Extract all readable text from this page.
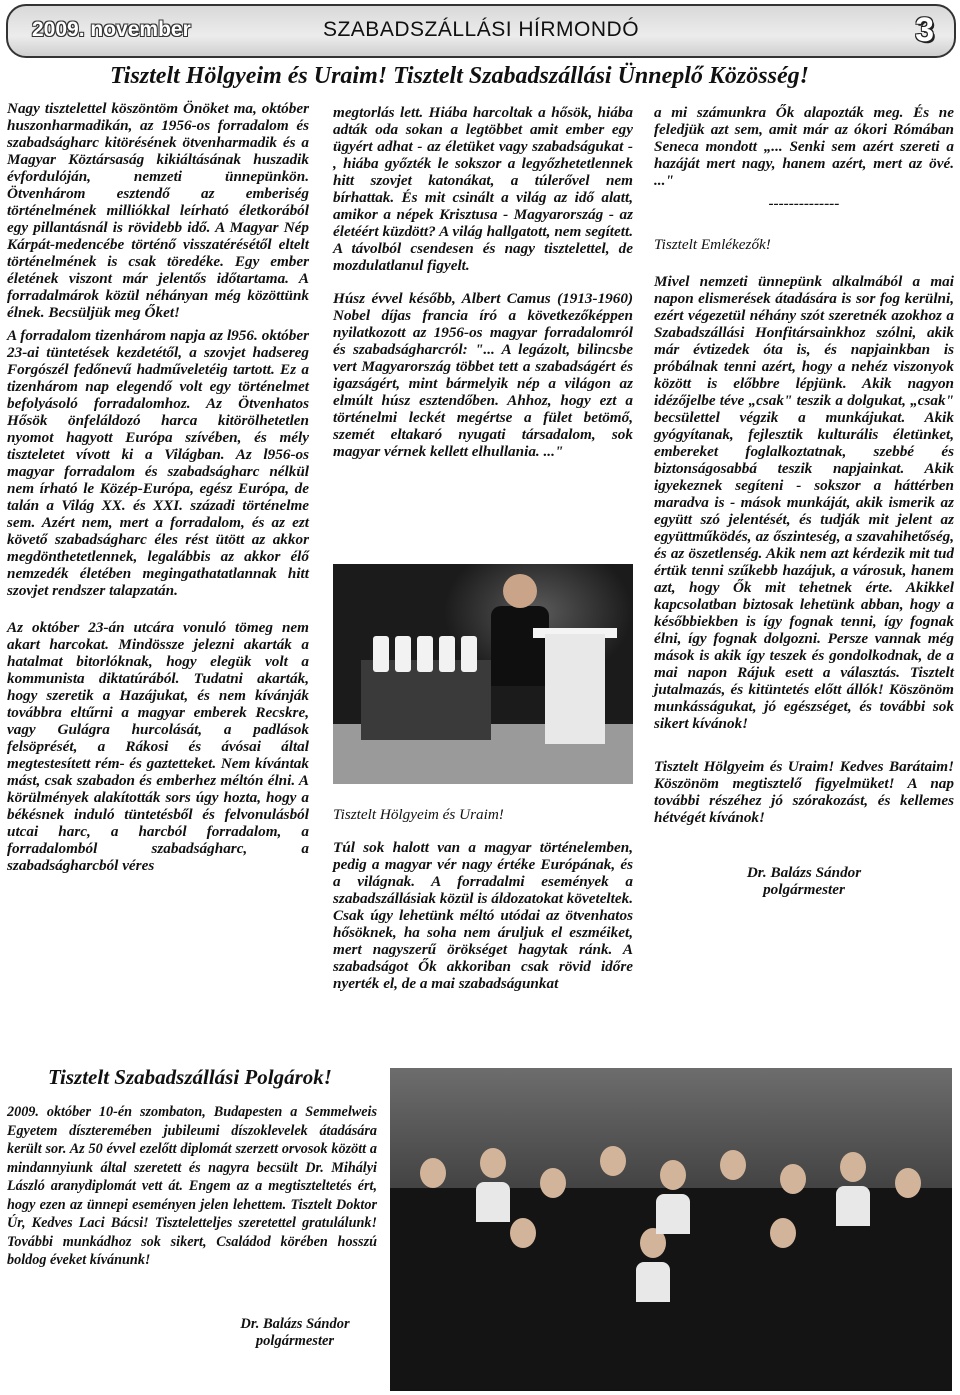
2009. november	SZABADSZÁLLÁSI HÍRMONDÓ	3
Tisztelt Hölgyeim és Uraim! Tisztelt Szabadszállási Ünneplő Közösség!

Nagy tisztelettel köszöntöm Önöket ma, október huszonharmadikán, az 1956-os forradalom és szabadságharc kitörésének ötvenharmadik és a Magyar Köztársaság kikiáltásának huszadik évfordulóján, nemzeti ünnepünkön. Ötvenhárom esztendő az emberiség történelmének milliókkal leírható életkorából egy pillantásnál is rövidebb idő. A Magyar Nép Kárpát-medencébe történő visszatérésétől eltelt történelmének is csak töredéke. Egy ember életének viszont már jelentős időtartama. A forradalmárok közül néhányan még közöttünk élnek. Becsüljük meg Őket!

A forradalom tizenhárom napja az l956. október 23-ai tüntetések kezdetétől, a szovjet hadsereg Forgószél fedőnevű hadműveletéig tartott. Ez a tizenhárom nap elegendő volt egy történelmet befolyásoló forradalomhoz. Az Ötvenhatos Hősök önfeláldozó harca kitörölhetetlen nyomot hagyott Európa szívében, és mély tiszteletet vívott ki a Világban. Az l956-os magyar forradalom és szabadságharc nélkül nem írható le Közép-Európa, egész Európa, de talán a Világ XX. és XXI. századi történelme sem. Azért nem, mert a forradalom, és az ezt követő szabadságharc éles rést ütött az akkor megdönthetetlennek, legalábbis az akkor élő nemzedék életében megingathatatlannak hitt szovjet rendszer talapzatán.

Az október 23-án utcára vonuló tömeg nem akart harcokat. Mindössze jelezni akarták a hatalmat bitorlóknak, hogy elegük volt a kommunista diktatúrából. Tudatni akarták, hogy szeretik a Hazájukat, és nem kívánják továbbra eltűrni a magyar emberek Recskre, vagy Gulágra hurcolását, a padlások felsöprését, a Rákosi és ávósai által megtestesített rém- és gaztetteket. Nem kívántak mást, csak szabadon és emberhez méltón élni. A körülmények alakították sors úgy hozta, hogy a békésnek induló tüntetésből és felvonulásból utcai harc, a harcból forradalom, a forradalomból szabadságharc, a szabadságharcból véres

megtorlás lett. Hiába harcoltak a hősök, hiába adták oda sokan a legtöbbet amit ember egy ügyért adhat - az életüket vagy szabadságukat - , hiába győzték le sokszor a legyőzhetetlennek hitt szovjet katonákat, a túlerővel nem bírhattak. És mit csinált a világ az idő alatt, amikor a népek Krisztusa - Magyarország - az életéért küzdött? A világ hallgatott, nem segített. A távolból csendesen és nagy tisztelettel, de mozdulatlanul figyelt.

Húsz évvel később, Albert Camus (1913-1960) Nobel díjas francia író a következőképpen nyilatkozott az 1956-os magyar forradalomról és szabadságharcról: "... A legázolt, bilincsbe vert Magyarország többet tett a szabadságért és igazságért, mint bármelyik nép a világon az elmúlt húsz esztendőben. Ahhoz, hogy ezt a történelmi leckét megértse a fület betömő, szemét eltakaró nyugati társadalom, sok magyar vérnek kellett elhullania. ..."

Tisztelt Hölgyeim és Uraim!

Túl sok halott van a magyar történelemben, pedig a magyar vér nagy értéke Európának, és a világnak. A forradalmi események a szabadszállásiak közül is áldozatokat követeltek. Csak úgy lehetünk méltó utódai az ötvenhatos hősöknek, ha soha nem áruljuk el eszméiket, mert nagyszerű örökséget hagytak ránk. A szabadságot Ők akkoriban csak rövid időre nyerték el, de a mai szabadságunkat

a mi számunkra Ők alapozták meg. És ne feledjük azt sem, amit már az ókori Rómában Seneca mondott „... Senki sem azért szereti a hazáját mert nagy, hanem azért, mert az övé. ..."

--------------

Tisztelt Emlékezők!

Mivel nemzeti ünnepünk alkalmából a mai napon elismerések átadására is sor fog kerülni, ezért végezetül néhány szót szeretnék azokhoz a Szabadszállási Honfitársainkhoz szólni, akik már évtizedek óta is, és napjainkban is próbálnak tenni azért, hogy a nehéz viszonyok között is előbbre lépjünk. Akik nagyon idézőjelbe téve „csak" teszik a dolgukat, „csak" becsülettel végzik a munkájukat. Akik gyógyítanak, fejlesztik kulturális életünket, embereket foglalkoztatnak, szebbé és biztonságosabbá teszik napjainkat. Akik igyekeznek segíteni - sokszor a háttérben maradva is - mások munkáját, akik ismerik az együtt szó jelentését, és tudják mit jelent az együttműködés, az őszinteség, a szavahihetőség, és az öszetlenség. Akik nem azt kérdezik mit tud értük tenni szűkebb hazájuk, a városuk, hanem azt, hogy Ők mit tehetnek érte. Akikkel kapcsolatban biztosak lehetünk abban, hogy a későbbiekben is így fognak tenni, így fognak élni, így fognak dolgozni. Persze vannak még mások is akik így teszek és gondolkodnak, de a mai napon Rájuk esett a választás. Tisztelt jutalmazás, és kitüntetés előtt állók! Köszönöm munkásságukat, jó egészséget, és további sok sikert kívánok!

Tisztelt Hölgyeim és Uraim! Kedves Barátaim! Köszönöm megtisztelő figyelmüket! A nap további részéhez jó szórakozást, és kellemes hétvégét kívánok!

Dr. Balázs Sándor
polgármester
Tisztelt Szabadszállási Polgárok!
2009. október 10-én szombaton, Budapesten a Semmelweis Egyetem díszteremében jubileumi díszoklevelek átadására került sor. Az 50 évvel ezelőtt diplomát szerzett orvosok között a mindannyiunk által szeretett és nagyra becsült Dr. Mihályi László aranydiplomát vett át. Engem az a megtiszteltetés ért, hogy ezen az ünnepi eseményen jelen lehettem. Tisztelt Doktor Úr, Kedves Laci Bácsi! Tiszteletteljes szeretettel gratulálunk! További munkádhoz sok sikert, Családod körében hosszú boldog éveket kívánunk!
Dr. Balázs Sándor
polgármester
